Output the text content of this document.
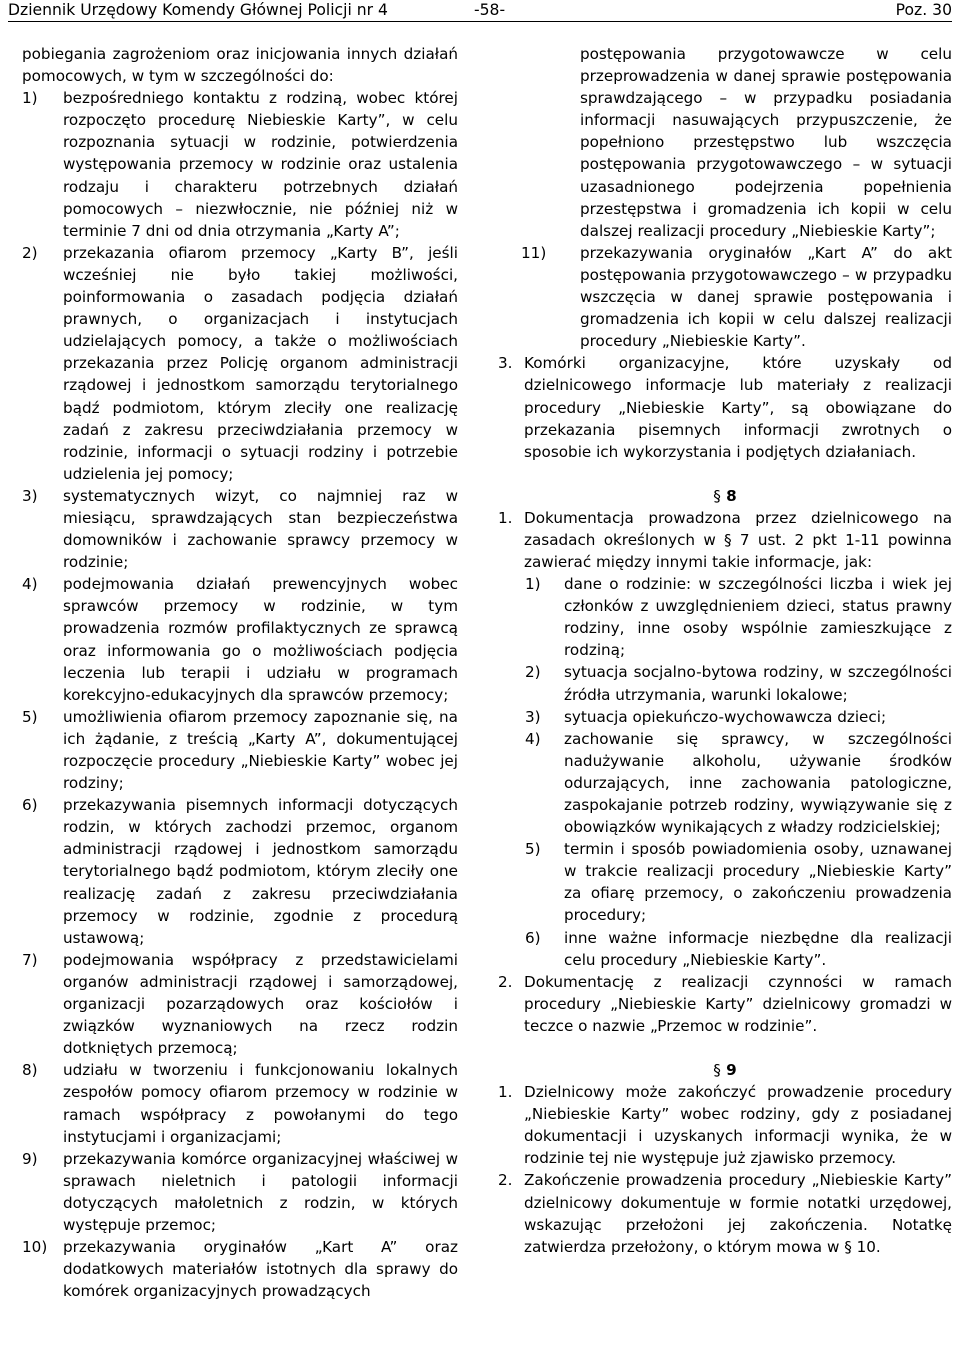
Dziennik Urzędowy Komendy Głównej Policji nr 4	-58-	Poz. 30

pobiegania zagrożeniom oraz inicjowania innych działań pomocowych, w tym w szczególności do:

1) bezpośredniego kontaktu z rodziną, wobec której rozpoczęto procedurę Niebieskie Karty”, w celu rozpoznania sytuacji w rodzinie, potwierdzenia występowania przemocy w rodzinie oraz ustalenia rodzaju i charakteru potrzebnych działań pomocowych – niezwłocznie, nie później niż w terminie 7 dni od dnia otrzymania „Karty A”;

2) przekazania ofiarom przemocy „Karty B”, jeśli wcześniej nie było takiej możliwości, poinformowania o zasadach podjęcia działań prawnych, o organizacjach i instytucjach udzielających pomocy, a także o możliwościach przekazania przez Policję organom administracji rządowej i jednostkom samorządu terytorialnego bądź podmiotom, którym zleciły one realizację zadań z zakresu przeciwdziałania przemocy w rodzinie, informacji o sytuacji rodziny i potrzebie udzielenia jej pomocy;

3) systematycznych wizyt, co najmniej raz w miesiącu, sprawdzających stan bezpieczeństwa domowników i zachowanie sprawcy przemocy w rodzinie;

4) podejmowania działań prewencyjnych wobec sprawców przemocy w rodzinie, w tym prowadzenia rozmów profilaktycznych ze sprawcą oraz informowania go o możliwościach podjęcia leczenia lub terapii i udziału w programach korekcyjno-edukacyjnych dla sprawców przemocy;

5) umożliwienia ofiarom przemocy zapoznanie się, na ich żądanie, z treścią „Karty A”, dokumentującej rozpoczęcie procedury „Niebieskie Karty” wobec jej rodziny;

6) przekazywania pisemnych informacji dotyczących rodzin, w których zachodzi przemoc, organom administracji rządowej i jednostkom samorządu terytorialnego bądź podmiotom, którym zleciły one realizację zadań z zakresu przeciwdziałania przemocy w rodzinie, zgodnie z procedurą ustawową;

7) podejmowania współpracy z przedstawicielami organów administracji rządowej i samorządowej, organizacji pozarządowych oraz kościołów i związków wyznaniowych na rzecz rodzin dotkniętych przemocą;

8) udziału w tworzeniu i funkcjonowaniu lokalnych zespołów pomocy ofiarom przemocy w rodzinie w ramach współpracy z powołanymi do tego instytucjami i organizacjami;

9) przekazywania komórce organizacyjnej właściwej w sprawach nieletnich i patologii informacji dotyczących małoletnich z rodzin, w których występuje przemoc;

10) przekazywania oryginałów „Kart A” oraz dodatkowych materiałów istotnych dla sprawy do komórek organizacyjnych prowadzących

postępowania przygotowawcze w celu przeprowadzenia w danej sprawie postępowania sprawdzającego – w przypadku posiadania informacji nasuwających przypuszczenie, że popełniono przestępstwo lub wszczęcia postępowania przygotowawczego – w sytuacji uzasadnionego podejrzenia popełnienia przestępstwa i gromadzenia ich kopii w celu dalszej realizacji procedury „Niebieskie Karty”;

11) przekazywania oryginałów „Kart A” do akt postępowania przygotowawczego – w przypadku wszczęcia w danej sprawie postępowania i gromadzenia ich kopii w celu dalszej realizacji procedury „Niebieskie Karty”.

3. Komórki organizacyjne, które uzyskały od dzielnicowego informacje lub materiały z realizacji procedury „Niebieskie Karty”, są obowiązane do przekazania pisemnych informacji zwrotnych o sposobie ich wykorzystania i podjętych działaniach.

§ 8

1. Dokumentacja prowadzona przez dzielnicowego na zasadach określonych w § 7 ust. 2 pkt 1-11 powinna zawierać między innymi takie informacje, jak:

1) dane o rodzinie: w szczególności liczba i wiek jej członków z uwzględnieniem dzieci, status prawny rodziny, inne osoby wspólnie zamieszkujące z rodziną;

2) sytuacja socjalno-bytowa rodziny, w szczególności źródła utrzymania, warunki lokalowe;

3) sytuacja opiekuńczo-wychowawcza dzieci;

4) zachowanie się sprawcy, w szczególności nadużywanie alkoholu, używanie środków odurzających, inne zachowania patologiczne, zaspokajanie potrzeb rodziny, wywiązywanie się z obowiązków wynikających z władzy rodzicielskiej;

5) termin i sposób powiadomienia osoby, uznawanej w trakcie realizacji procedury „Niebieskie Karty” za ofiarę przemocy, o zakończeniu prowadzenia procedury;

6) inne ważne informacje niezbędne dla realizacji celu procedury „Niebieskie Karty”.

2. Dokumentację z realizacji czynności w ramach procedury „Niebieskie Karty” dzielnicowy gromadzi w teczce o nazwie „Przemoc w rodzinie”.

§ 9

1. Dzielnicowy może zakończyć prowadzenie procedury „Niebieskie Karty” wobec rodziny, gdy z posiadanej dokumentacji i uzyskanych informacji wynika, że w rodzinie tej nie występuje już zjawisko przemocy.

2. Zakończenie prowadzenia procedury „Niebieskie Karty” dzielnicowy dokumentuje w formie notatki urzędowej, wskazując przełożoni jej zakończenia. Notatkę zatwierdza przełożony, o którym mowa w § 10.
